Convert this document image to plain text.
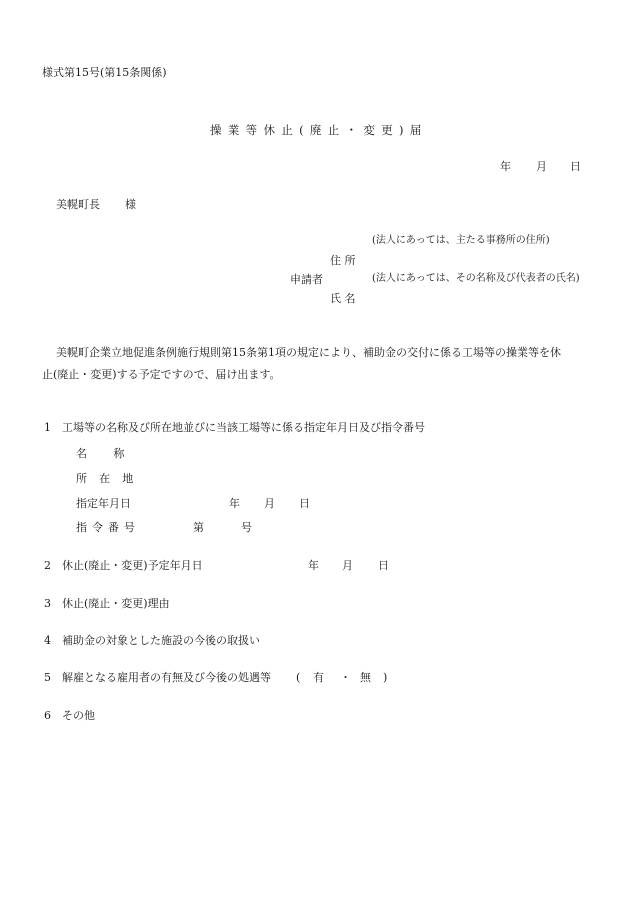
様式第15号(第15条関係)
操業等休止(廃止・変更)届
年 月 日
美幌町長 様
(法人にあっては、主たる事務所の住所)
住 所
申請者	(法人にあっては、その名称及び代表者の氏名)
氏 名
美幌町企業立地促進条例施行規則第15条第1項の規定により、補助金の交付に係る工場等の操業等を休
止(廃止・変更)する予定ですので、届け出ます。
1 工場等の名称及び所在地並びに当該工場等に係る指定年月日及び指令番号
名称
所在地
指定年月日	年 月 日
指令番号	第	号
2 休止(廃止・変更)予定年月日	年 月 日
3 休止(廃止・変更)理由
4 補助金の対象とした施設の今後の取扱い
5 解雇となる雇用者の有無及び今後の処遇等 ( 有 ・ 無 )
6 その他
